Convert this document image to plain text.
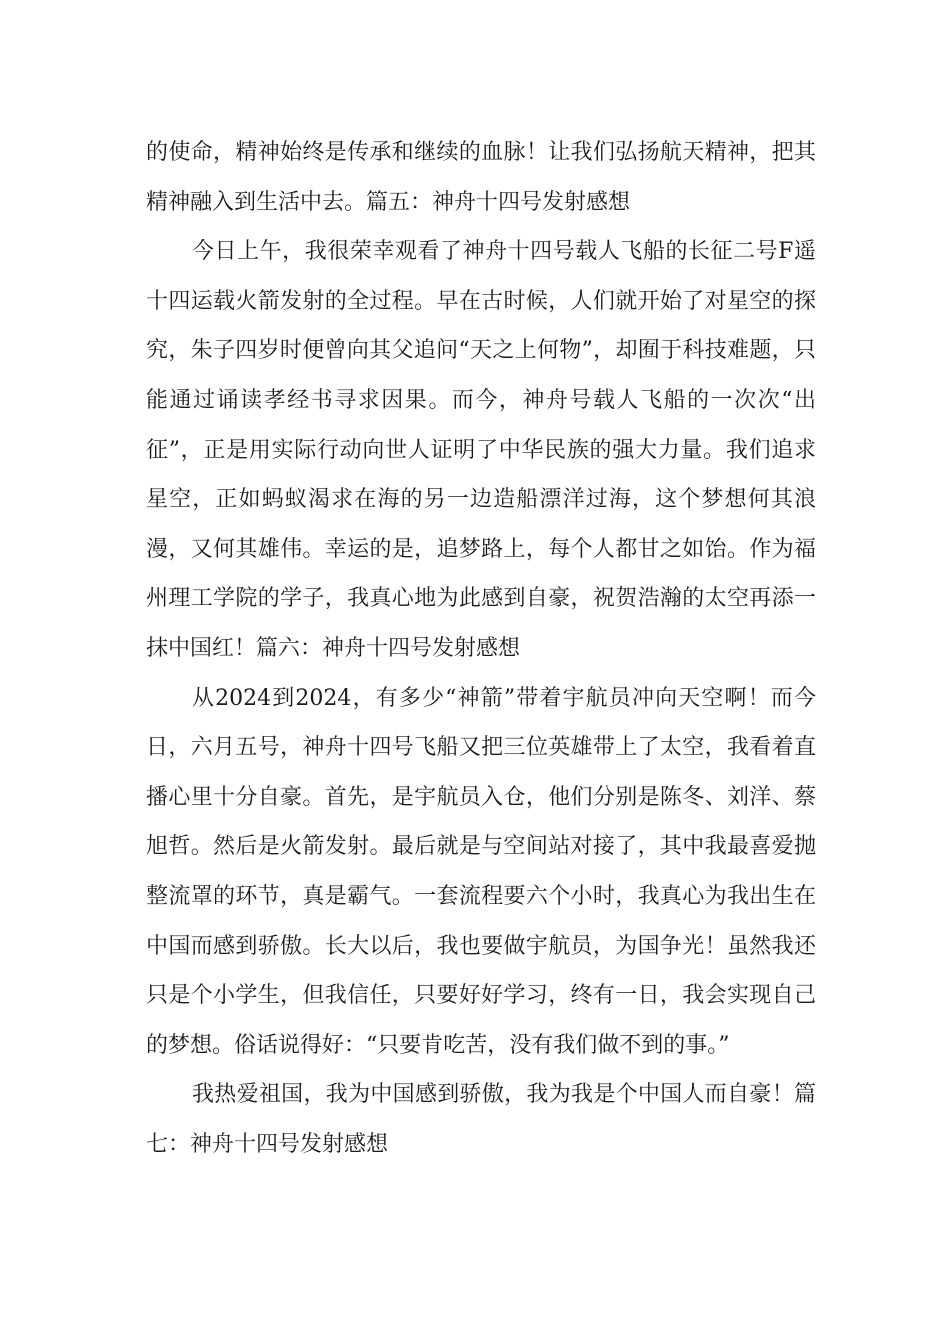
的使命，精神始终是传承和继续的血脉！让我们弘扬航天精神，把其精神融入到生活中去。篇五：神舟十四号发射感想

今日上午，我很荣幸观看了神舟十四号载人飞船的长征二号F遥十四运载火箭发射的全过程。早在古时候，人们就开始了对星空的探究，朱子四岁时便曾向其父追问“天之上何物”，却囿于科技难题，只能通过诵读孝经书寻求因果。而今，神舟号载人飞船的一次次“出征”，正是用实际行动向世人证明了中华民族的强大力量。我们追求星空，正如蚂蚁渴求在海的另一边造船漂洋过海，这个梦想何其浪漫，又何其雄伟。幸运的是，追梦路上，每个人都甘之如饴。作为福州理工学院的学子，我真心地为此感到自豪，祝贺浩瀚的太空再添一抹中国红！篇六：神舟十四号发射感想

从2024到2024，有多少“神箭”带着宇航员冲向天空啊！而今日，六月五号，神舟十四号飞船又把三位英雄带上了太空，我看着直播心里十分自豪。首先，是宇航员入仓，他们分别是陈冬、刘洋、蔡旭哲。然后是火箭发射。最后就是与空间站对接了，其中我最喜爱抛整流罩的环节，真是霸气。一套流程要六个小时，我真心为我出生在中国而感到骄傲。长大以后，我也要做宇航员，为国争光！虽然我还只是个小学生，但我信任，只要好好学习，终有一日，我会实现自己的梦想。俗话说得好：“只要肯吃苦，没有我们做不到的事。”

我热爱祖国，我为中国感到骄傲，我为我是个中国人而自豪！篇七：神舟十四号发射感想
